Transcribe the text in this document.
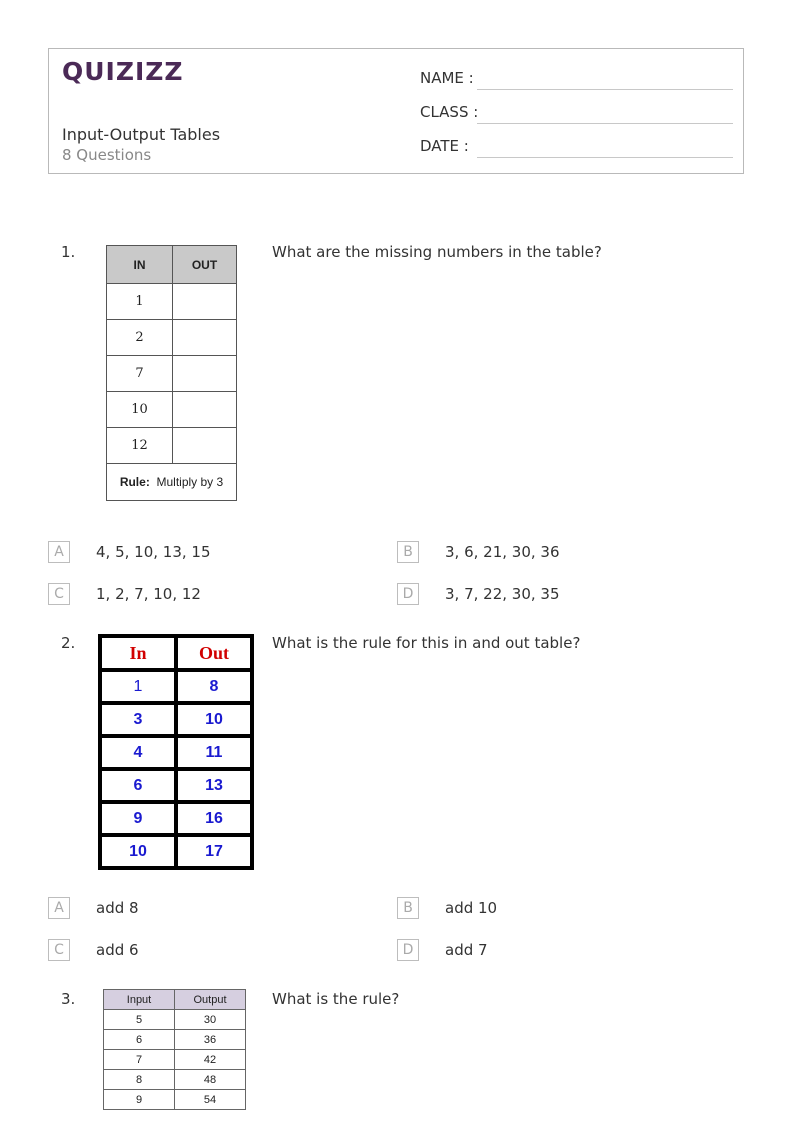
QUIZIZZ
Input-Output Tables
8 Questions
NAME :
CLASS :
DATE :
1.
IN	OUT
1	
2	
7	
10	
12	
Rule: Multiply by 3	
What are the missing numbers in the table?
A	4, 5, 10, 13, 15	B	3, 6, 21, 30, 36
C	1, 2, 7, 10, 12	D	3, 7, 22, 30, 35
2.	In	Out
1	8
3	10
4	11
6	13
9	16
10	17
What is the rule for this in and out table?
A	add 8	B	add 10
C	add 6	D	add 7
3.	Input	Output
5	30
6	36
7	42
8	48
9	54
What is the rule?
